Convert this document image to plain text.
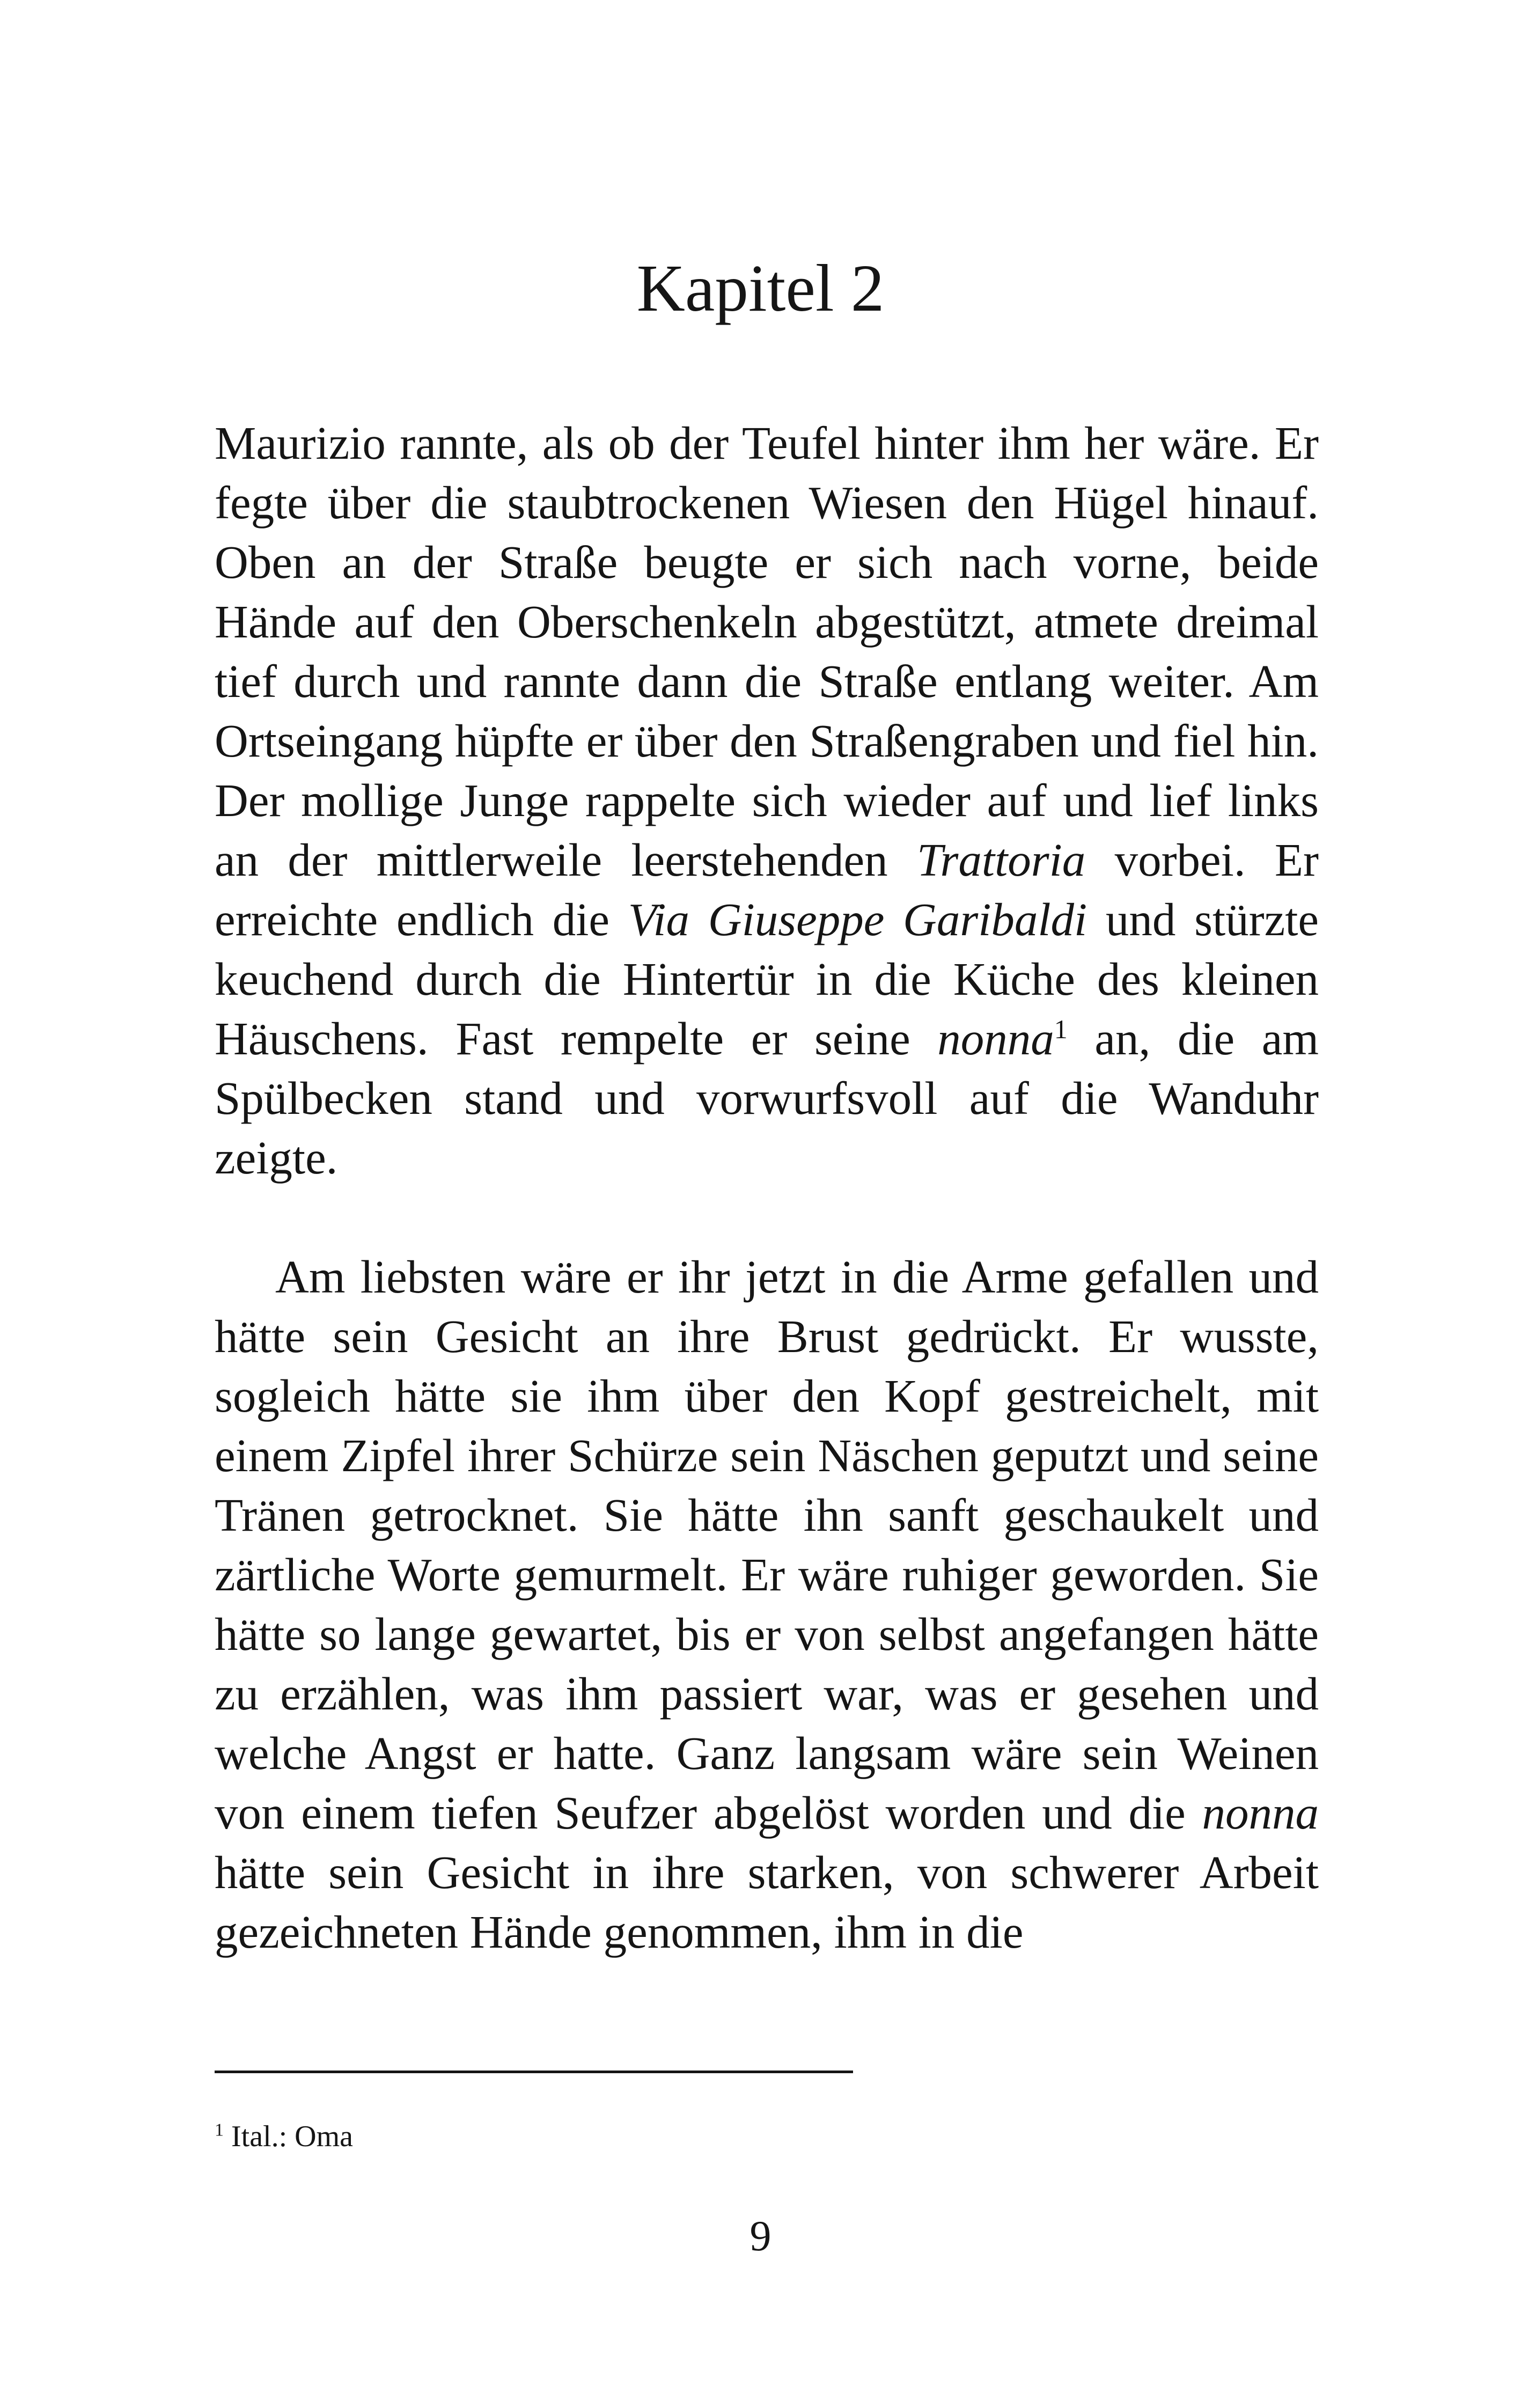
Kapitel 2

Maurizio rannte, als ob der Teufel hinter ihm her wäre. Er fegte über die staubtrockenen Wiesen den Hügel hinauf. Oben an der Straße beugte er sich nach vorne, beide Hände auf den Oberschenkeln abgestützt, atmete dreimal tief durch und rannte dann die Straße entlang weiter. Am Ortseingang hüpfte er über den Straßengraben und fiel hin. Der mollige Junge rappelte sich wieder auf und lief links an der mittlerweile leerstehenden Trattoria vorbei. Er erreichte endlich die Via Giuseppe Garibaldi und stürzte keuchend durch die Hintertür in die Küche des kleinen Häuschens. Fast rempelte er seine nonna$^1$ an, die am Spülbecken stand und vorwurfsvoll auf die Wanduhr zeigte.

Am liebsten wäre er ihr jetzt in die Arme gefallen und hätte sein Gesicht an ihre Brust gedrückt. Er wusste, sogleich hätte sie ihm über den Kopf gestreichelt, mit einem Zipfel ihrer Schürze sein Näschen geputzt und seine Tränen getrocknet. Sie hätte ihn sanft geschaukelt und zärtliche Worte gemurmelt. Er wäre ruhiger geworden. Sie hätte so lange gewartet, bis er von selbst angefangen hätte zu erzählen, was ihm passiert war, was er gesehen und welche Angst er hatte. Ganz langsam wäre sein Weinen von einem tiefen Seufzer abgelöst worden und die nonna hätte sein Gesicht in ihre starken, von schwerer Arbeit gezeichneten Hände genommen, ihm in die

$^1$ Ital.: Oma

9
